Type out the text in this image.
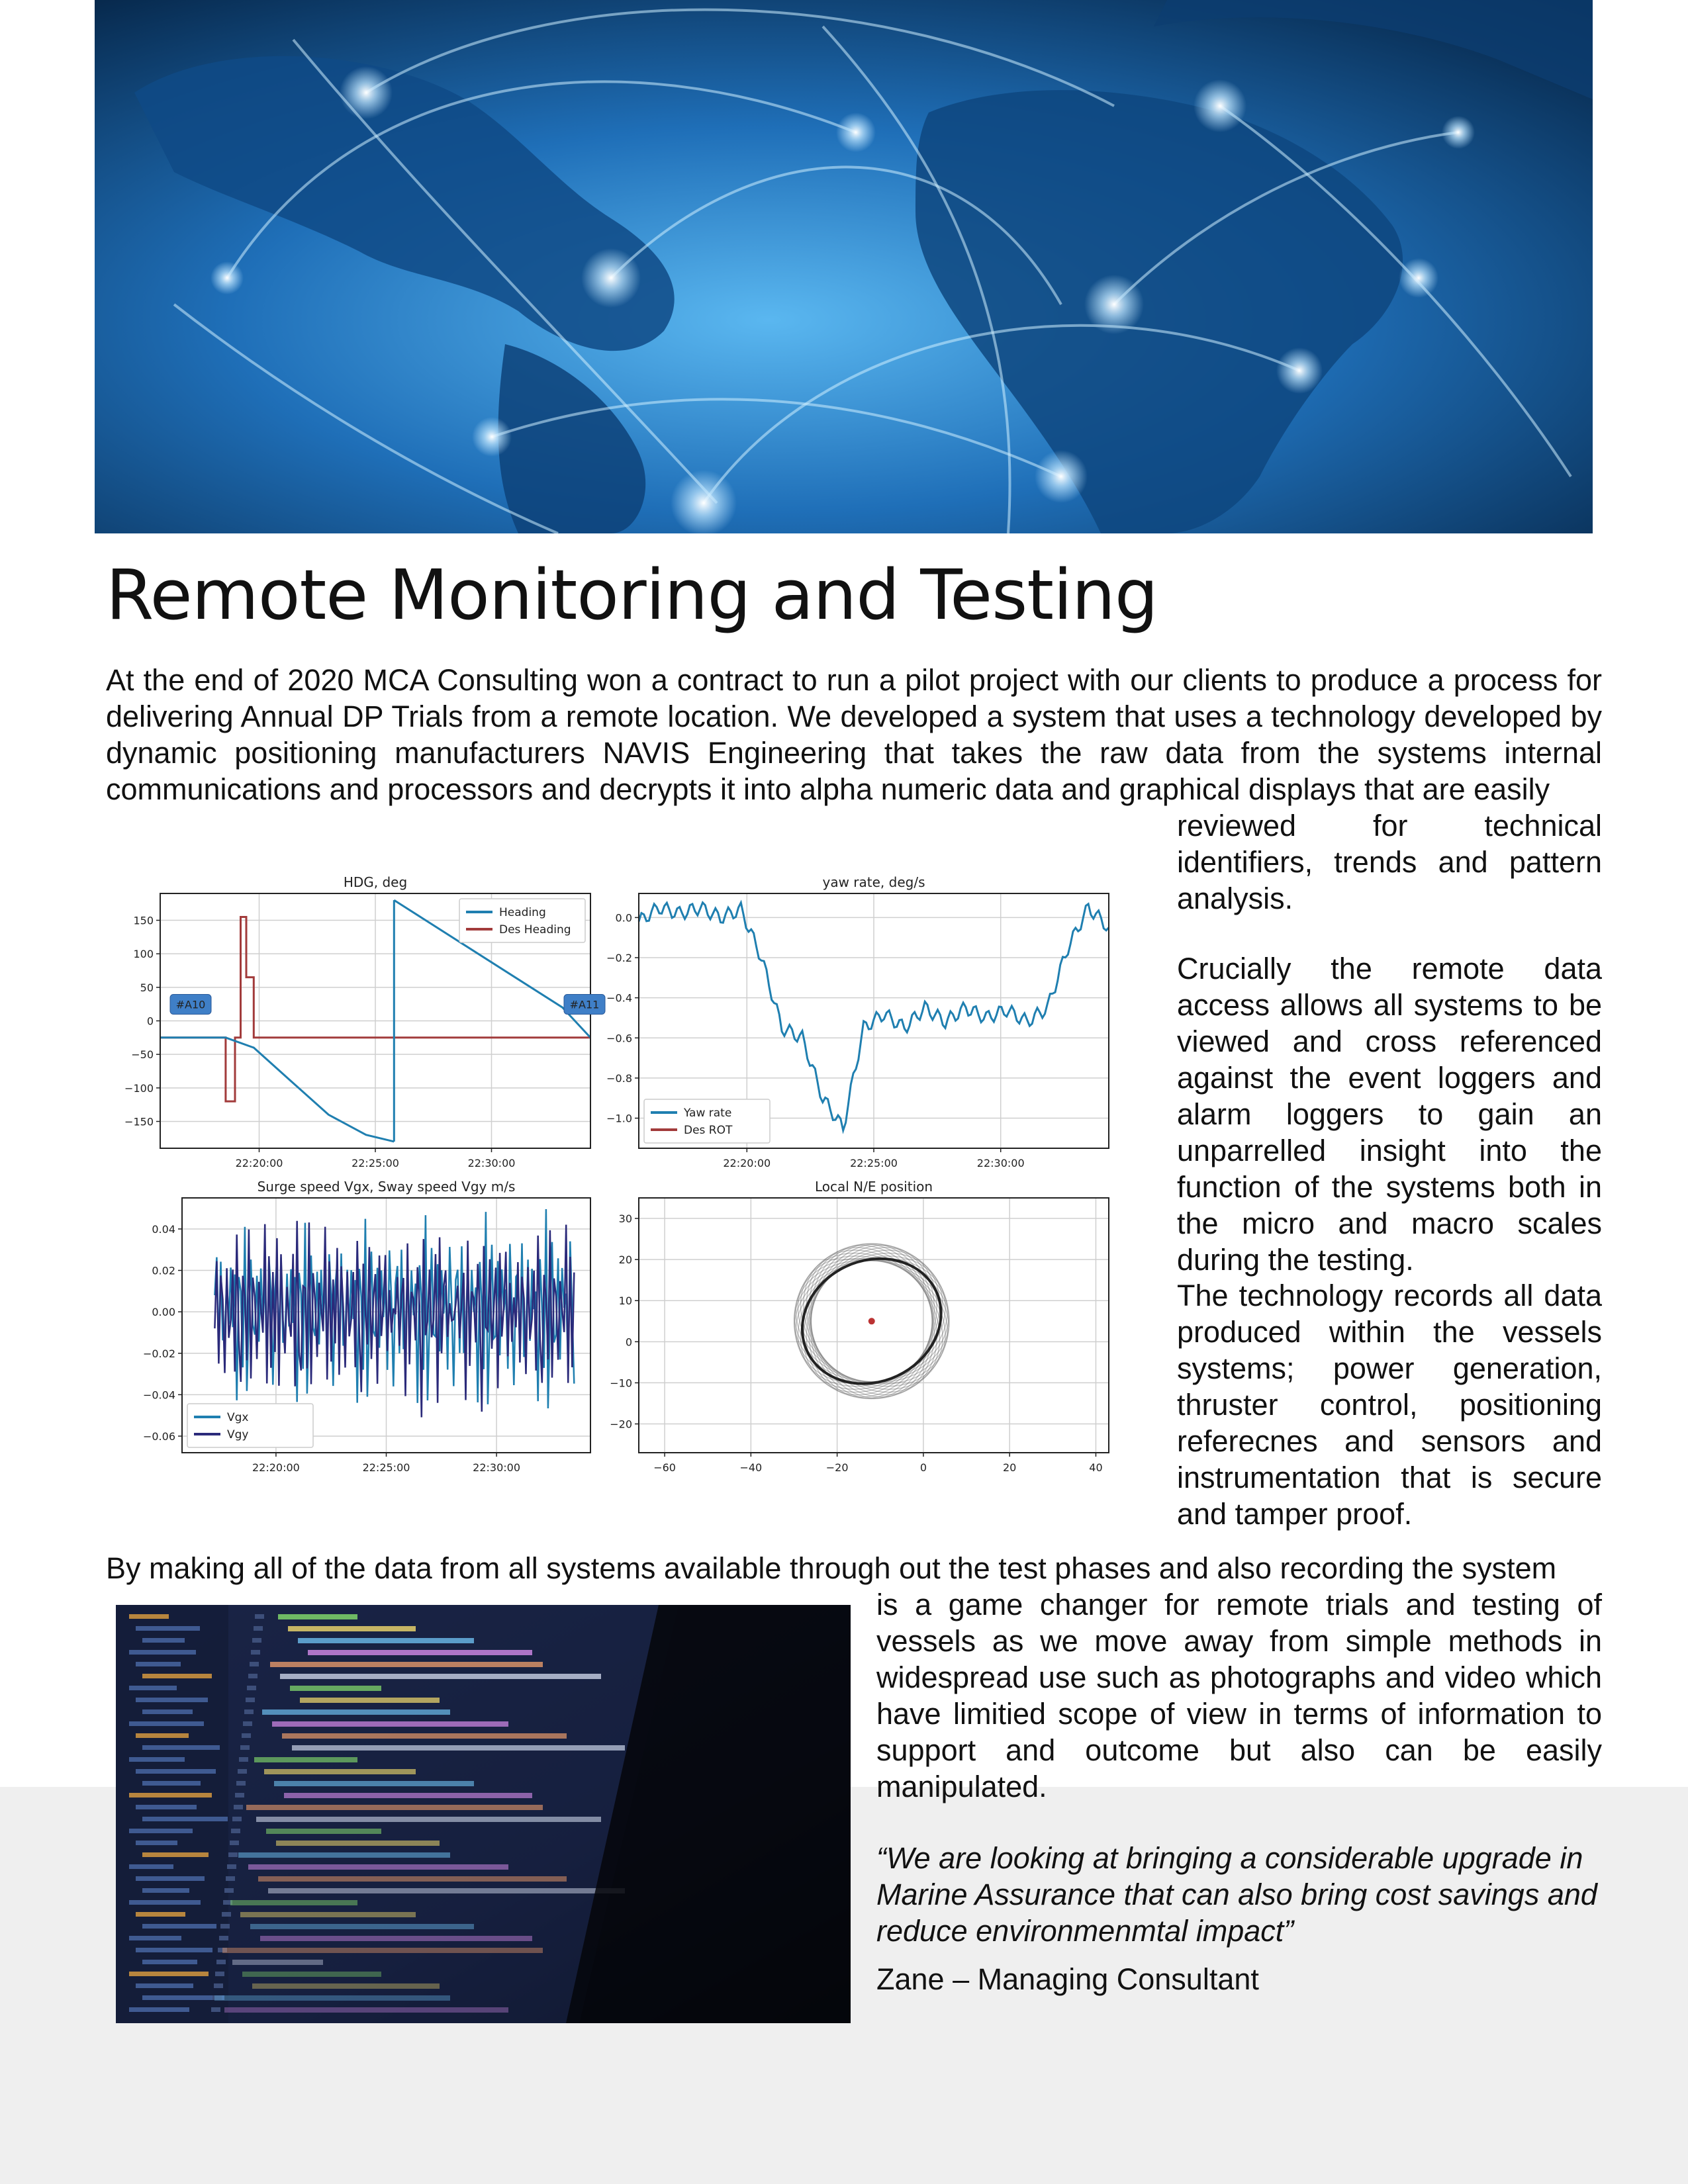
Remote Monitoring and Testing

At the end of 2020 MCA Consulting won a contract to run a pilot project with our clients to produce a process for delivering Annual DP Trials from a remote location. We developed a system that uses a technology developed by dynamic positioning manufacturers NAVIS Engineering that takes the raw data from the systems internal communications and processors and decrypts it into alpha numeric data and graphical displays that are easily

reviewed for technical identifiers, trends and pattern analysis.

Crucially the remote data access allows all systems to be viewed and cross referenced against the event loggers and alarm loggers to gain an unparrelled insight into the function of the systems both in the micro and macro scales during the testing.

The technology records all data produced within the vessels systems; power generation, thruster control, positioning referecnes and sensors and instrumentation that is secure and tamper proof.

By making all of the data from all systems available through out the test phases and also recording the system

is a game changer for remote trials and testing of vessels as we move away from simple methods in widespread use such as photographs and video which have limitied scope of view in terms of information to support and outcome but also can be easily manipulated.

“We are looking at bringing a considerable upgrade in Marine Assurance that can also bring cost savings and reduce environmenmtal impact”

Zane – Managing Consultant

HDG, deg
150
100
50
0
−50
−100
−150
22:20:00	22:25:00	22:30:00
Heading
Des Heading
#A10	#A11
yaw rate, deg/s
0.0
−0.2
−0.4
−0.6
−0.8
−1.0
22:20:00	22:25:00	22:30:00
Yaw rate
Des ROT
Surge speed Vgx, Sway speed Vgy m/s
0.04
0.02
0.00
−0.02
−0.04
−0.06
22:20:00	22:25:00	22:30:00
Vgx
Vgy
Local N/E position
30
20
10
0
−10
−20
−60	−40	−20	0	20	40
